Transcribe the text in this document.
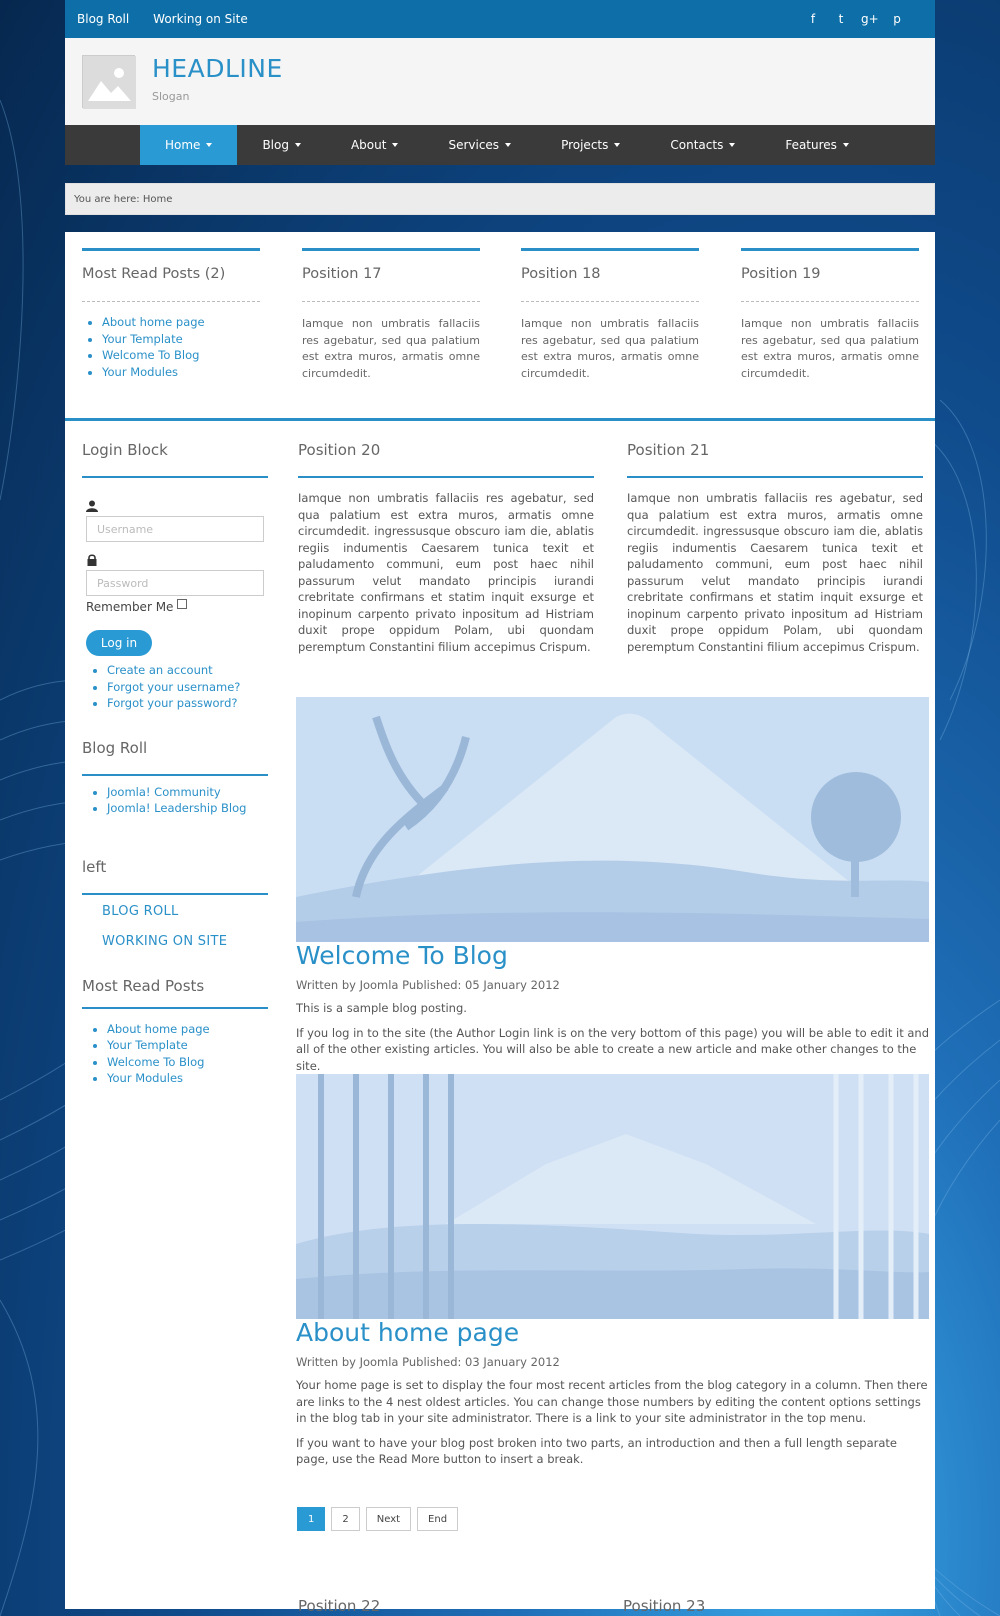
Blog Roll Working on Site	f	t	g+	p
HEADLINE
Slogan
Home	Blog	About	Services	Projects	Contacts	Features
You are here: Home
Most Read Posts (2)
• About home page
• Your Template
• Welcome To Blog
• Your Modules
Position 17

Iamque non umbratis fallaciis res agebatur, sed qua palatium est extra muros, armatis omne circumdedit.

Position 18

Iamque non umbratis fallaciis res agebatur, sed qua palatium est extra muros, armatis omne circumdedit.

Position 19

Iamque non umbratis fallaciis res agebatur, sed qua palatium est extra muros, armatis omne circumdedit.

Login Block
Username
Password
Remember Me
Log in
• Create an account
• Forgot your username?
• Forgot your password?
Blog Roll
• Joomla! Community
• Joomla! Leadership Blog
left
BLOG ROLL
WORKING ON SITE
Most Read Posts
• About home page
• Your Template
• Welcome To Blog
• Your Modules
Position 20

Iamque non umbratis fallaciis res agebatur, sed qua palatium est extra muros, armatis omne circumdedit. ingressusque obscuro iam die, ablatis regiis indumentis Caesarem tunica texit et paludamento communi, eum post haec nihil passurum velut mandato principis iurandi crebritate confirmans et statim inquit exsurge et inopinum carpento privato inpositum ad Histriam duxit prope oppidum Polam, ubi quondam peremptum Constantini filium accepimus Crispum.

Position 21

Iamque non umbratis fallaciis res agebatur, sed qua palatium est extra muros, armatis omne circumdedit. ingressusque obscuro iam die, ablatis regiis indumentis Caesarem tunica texit et paludamento communi, eum post haec nihil passurum velut mandato principis iurandi crebritate confirmans et statim inquit exsurge et inopinum carpento privato inpositum ad Histriam duxit prope oppidum Polam, ubi quondam peremptum Constantini filium accepimus Crispum.

Welcome To Blog
Written by Joomla Published: 05 January 2012

This is a sample blog posting.

If you log in to the site (the Author Login link is on the very bottom of this page) you will be able to edit it and all of the other existing articles. You will also be able to create a new article and make other changes to the site.

About home page
Written by Joomla Published: 03 January 2012

Your home page is set to display the four most recent articles from the blog category in a column. Then there are links to the 4 nest oldest articles. You can change those numbers by editing the content options settings in the blog tab in your site administrator. There is a link to your site administrator in the top menu.

If you want to have your blog post broken into two parts, an introduction and then a full length separate page, use the Read More button to insert a break.

1	2	Next	End
Position 22	Position 23
